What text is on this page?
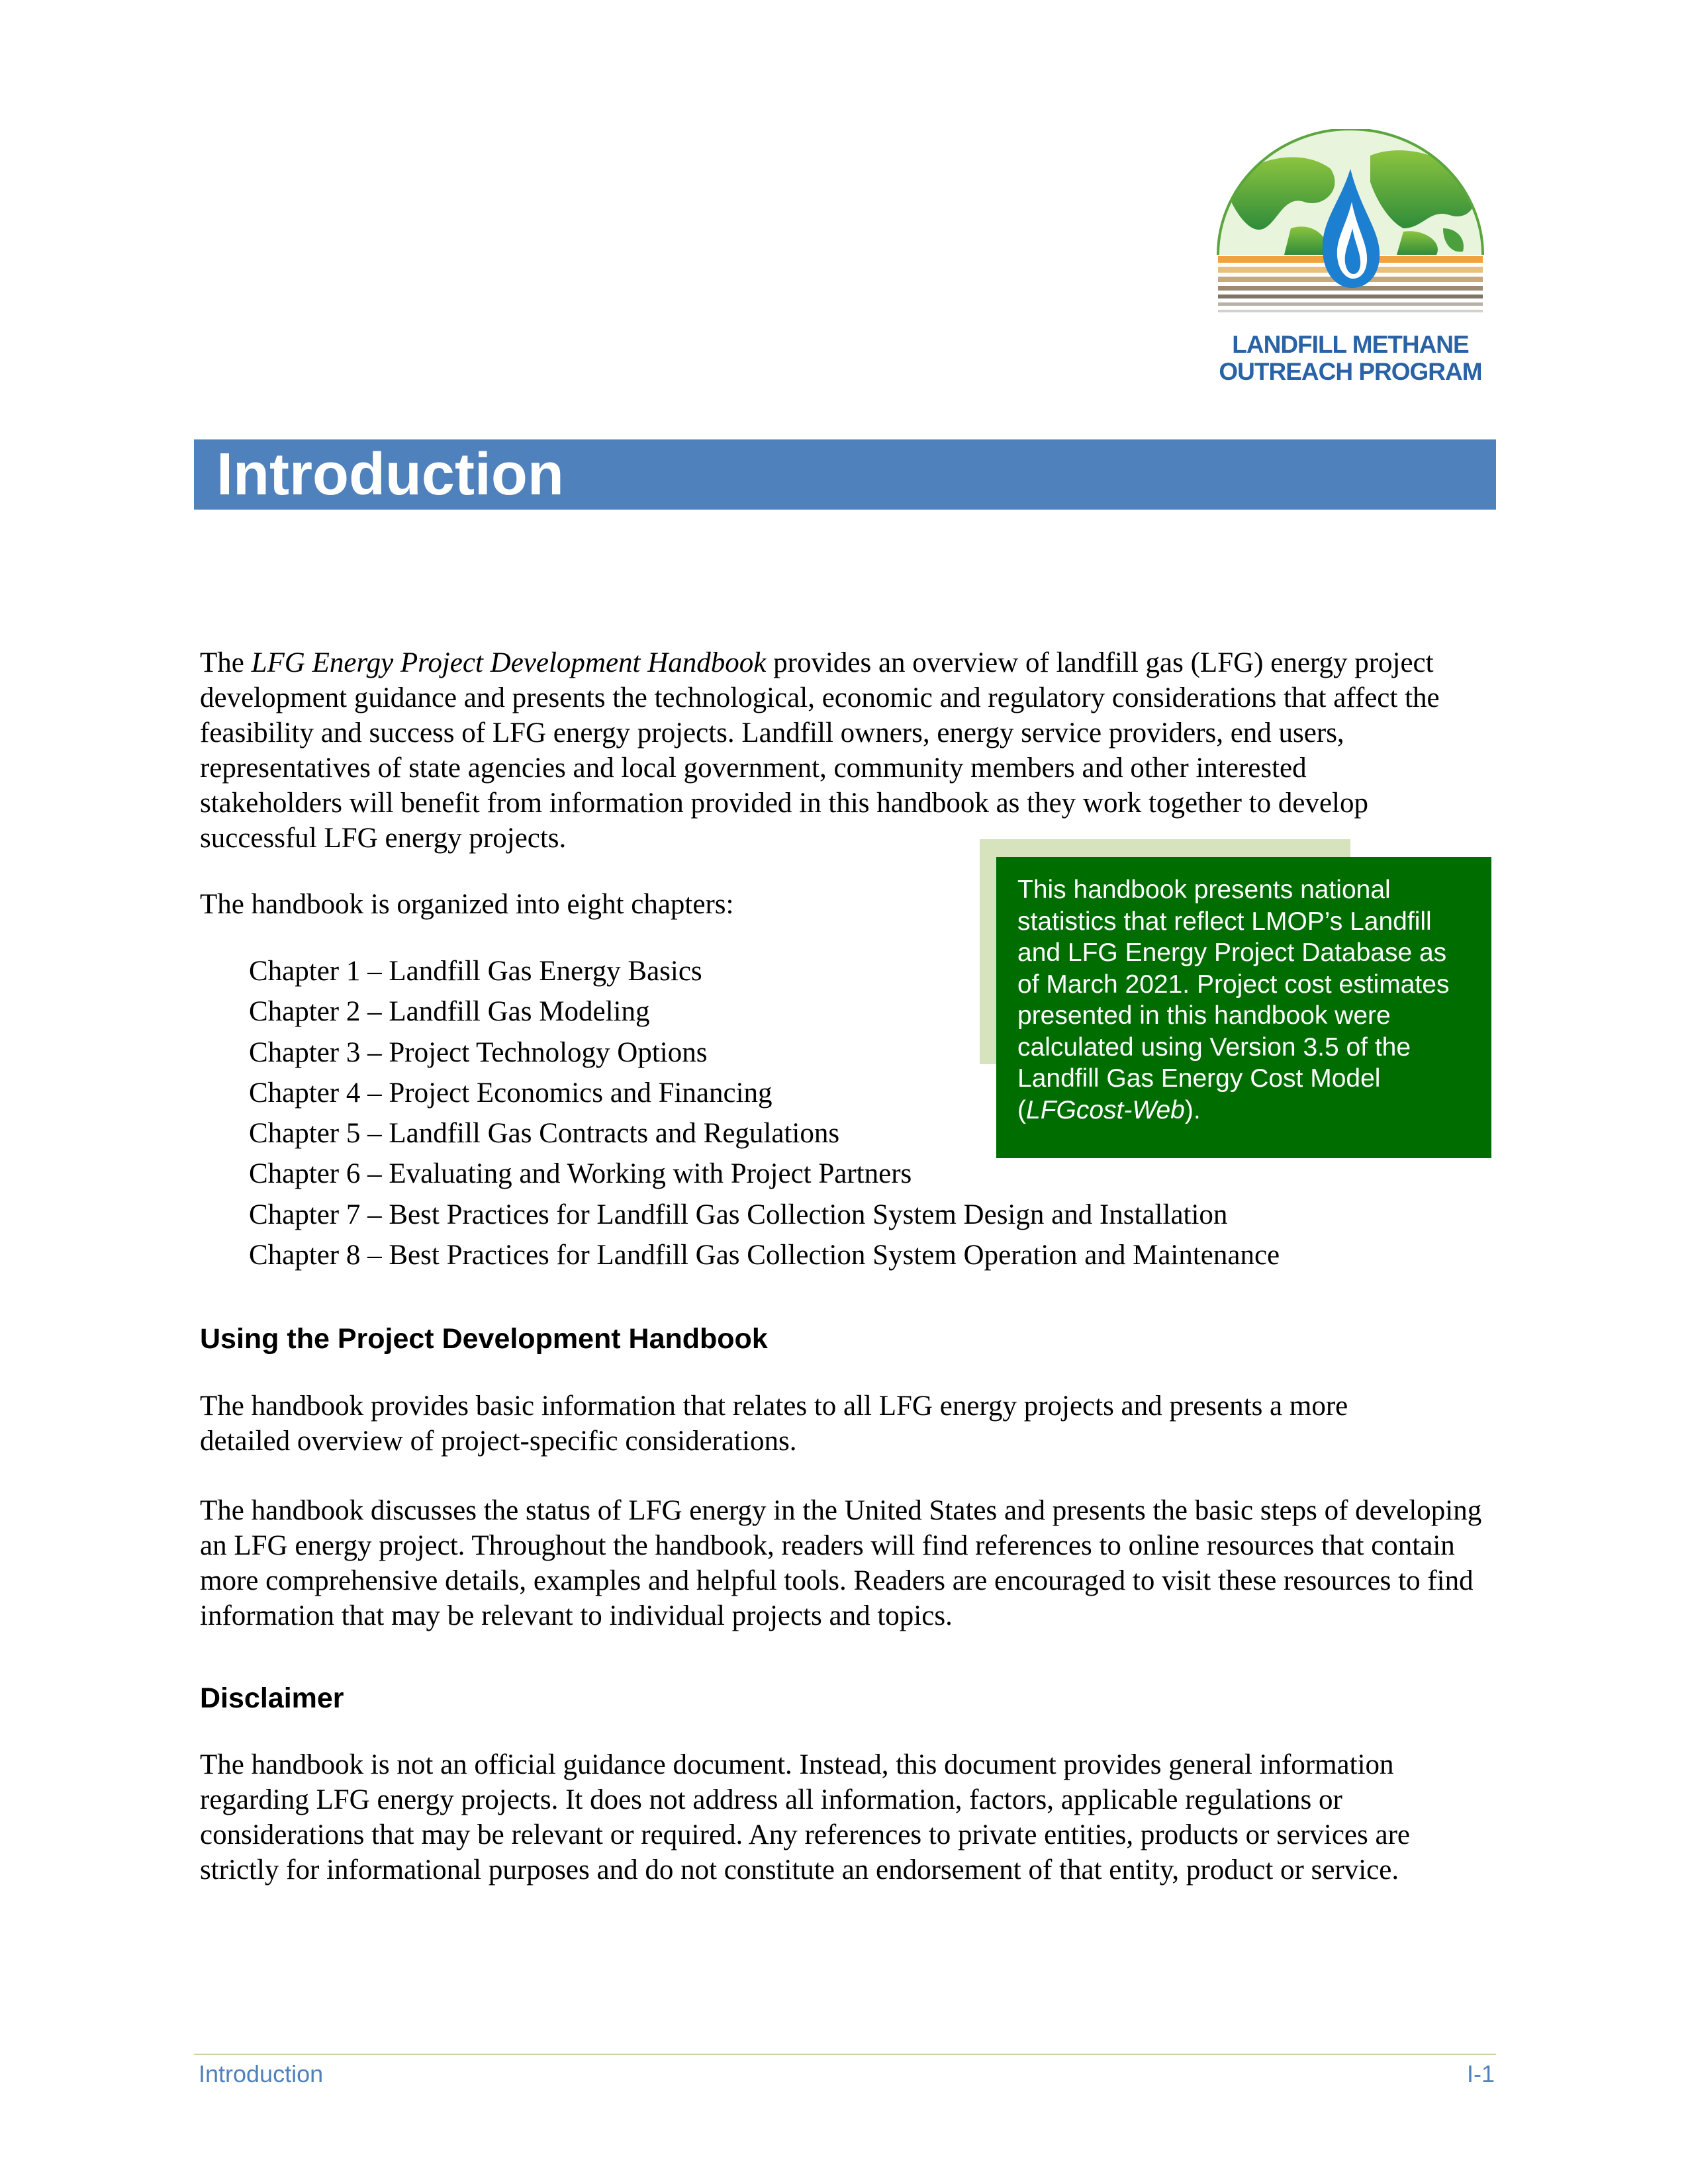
LANDFILL METHANE
OUTREACH PROGRAM
Introduction

The LFG Energy Project Development Handbook provides an overview of landfill gas (LFG) energy project development guidance and presents the technological, economic and regulatory considerations that affect the feasibility and success of LFG energy projects. Landfill owners, energy service providers, end users, representatives of state agencies and local government, community members and other interested stakeholders will benefit from information provided in this handbook as they work together to develop successful LFG energy projects.

The handbook is organized into eight chapters:

Chapter 1 – Landfill Gas Energy Basics
Chapter 2 – Landfill Gas Modeling
Chapter 3 – Project Technology Options
Chapter 4 – Project Economics and Financing
Chapter 5 – Landfill Gas Contracts and Regulations
Chapter 6 – Evaluating and Working with Project Partners
Chapter 7 – Best Practices for Landfill Gas Collection System Design and Installation
Chapter 8 – Best Practices for Landfill Gas Collection System Operation and Maintenance
This handbook presents national statistics that reflect LMOP’s Landfill and LFG Energy Project Database as of March 2021. Project cost estimates presented in this handbook were calculated using Version 3.5 of the Landfill Gas Energy Cost Model (LFGcost-Web).
Using the Project Development Handbook

The handbook provides basic information that relates to all LFG energy projects and presents a more detailed overview of project-specific considerations.

The handbook discusses the status of LFG energy in the United States and presents the basic steps of developing an LFG energy project. Throughout the handbook, readers will find references to online resources that contain more comprehensive details, examples and helpful tools. Readers are encouraged to visit these resources to find information that may be relevant to individual projects and topics.

Disclaimer

The handbook is not an official guidance document. Instead, this document provides general information regarding LFG energy projects. It does not address all information, factors, applicable regulations or considerations that may be relevant or required. Any references to private entities, products or services are strictly for informational purposes and do not constitute an endorsement of that entity, product or service.

Introduction	I-1
